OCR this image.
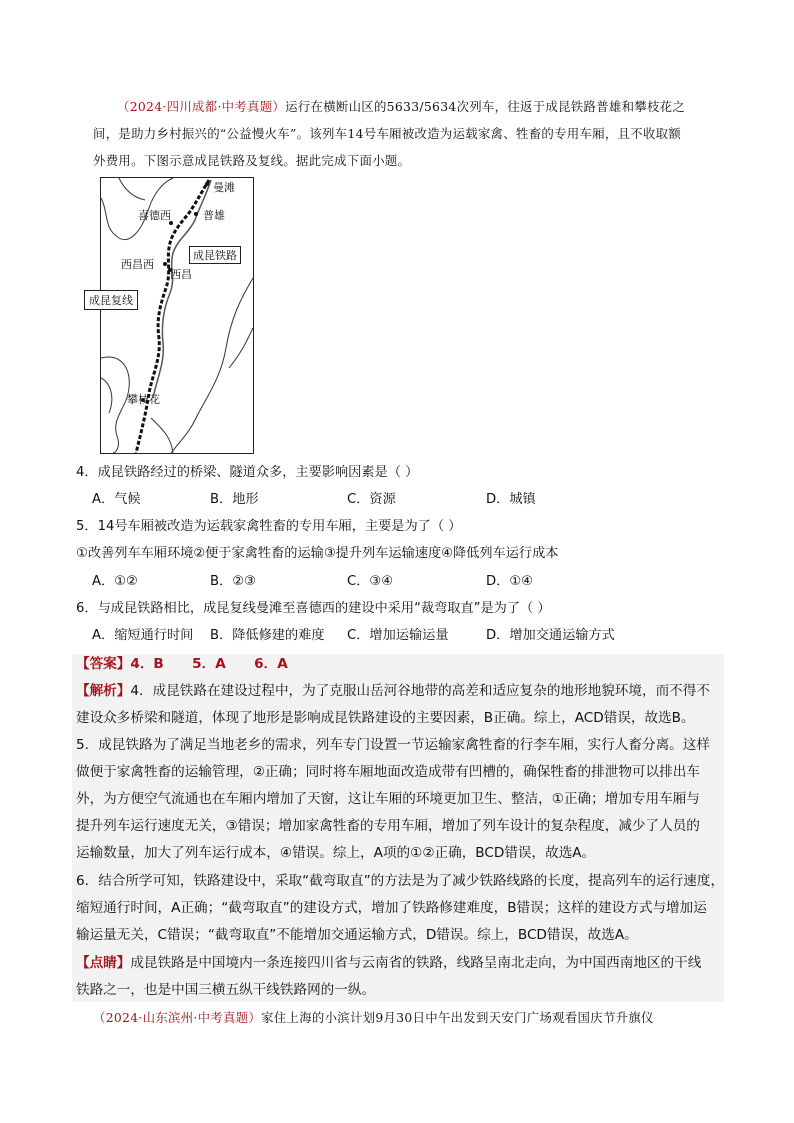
（2024·四川成都·中考真题）运行在横断山区的5633/5634次列车，往返于成昆铁路普雄和攀枝花之

间，是助力乡村振兴的“公益慢火车”。该列车14号车厢被改造为运载家禽、牲畜的专用车厢，且不收取额
外费用。下图示意成昆铁路及复线。据此完成下面小题。
曼滩
喜德西	普雄
西昌西
西昌
攀枝花
成昆铁路
成昆复线
4．成昆铁路经过的桥梁、隧道众多，主要影响因素是（ ）
A．气候	B．地形	C．资源	D．城镇
5．14号车厢被改造为运载家禽牲畜的专用车厢，主要是为了（ ）
①改善列车车厢环境②便于家禽牲畜的运输③提升列车运输速度④降低列车运行成本
A．①②	B．②③	C．③④	D．①④
6．与成昆铁路相比，成昆复线曼滩至喜德西的建设中采用“裁弯取直”是为了（ ）
A．缩短通行时间 B．降低修建的难度 C．增加运输运量	D．增加交通运输方式
【答案】4．B      5．A      6．A
【解析】4．成昆铁路在建设过程中，为了克服山岳河谷地带的高差和适应复杂的地形地貌环境，而不得不
建设众多桥梁和隧道，体现了地形是影响成昆铁路建设的主要因素，B正确。综上，ACD错误，故选B。
5．成昆铁路为了满足当地老乡的需求，列车专门设置一节运输家禽牲畜的行李车厢，实行人畜分离。这样
做便于家禽牲畜的运输管理，②正确；同时将车厢地面改造成带有凹槽的，确保牲畜的排泄物可以排出车
外，为方便空气流通也在车厢内增加了天窗，这让车厢的环境更加卫生、整洁，①正确；增加专用车厢与
提升列车运行速度无关，③错误；增加家禽牲畜的专用车厢，增加了列车设计的复杂程度，减少了人员的
运输数量，加大了列车运行成本，④错误。综上，A项的①②正确，BCD错误，故选A。
6．结合所学可知，铁路建设中，采取“截弯取直”的方法是为了减少铁路线路的长度，提高列车的运行速度，
缩短通行时间，A正确；“截弯取直”的建设方式，增加了铁路修建难度，B错误；这样的建设方式与增加运
输运量无关，C错误；“截弯取直”不能增加交通运输方式，D错误。综上，BCD错误，故选A。
【点睛】成昆铁路是中国境内一条连接四川省与云南省的铁路，线路呈南北走向，为中国西南地区的干线
铁路之一，也是中国三横五纵干线铁路网的一纵。
（2024·山东滨州·中考真题）家住上海的小滨计划9月30日中午出发到天安门广场观看国庆节升旗仪
